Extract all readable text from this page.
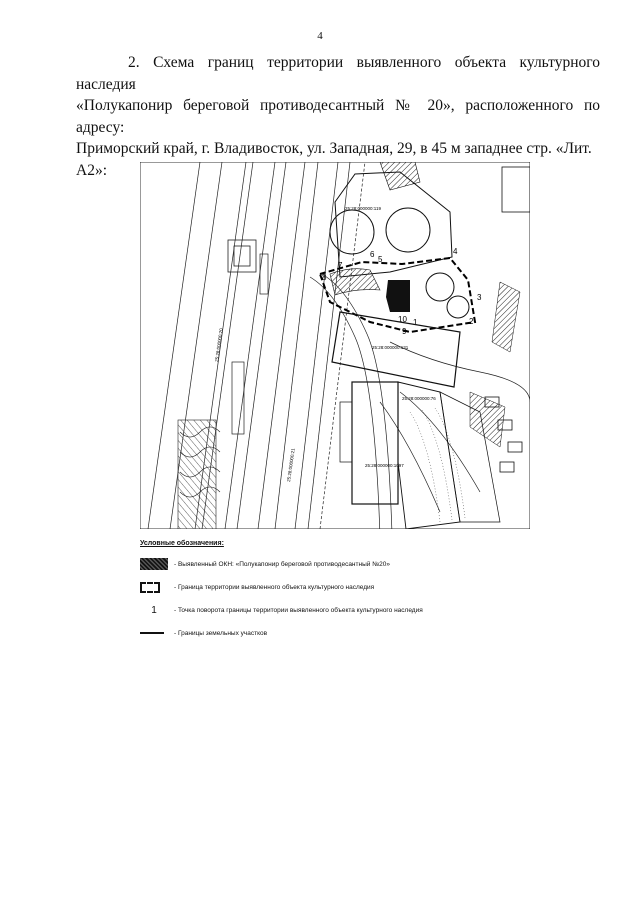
4

2. Схема границ территории выявленного объекта культурного наследия

«Полукапонир береговой противодесантный № 20», расположенного по адресу:

Приморский край, г. Владивосток, ул. Западная, 29, в 45 м западнее стр. «Лит.

А2»:

1	2
3
4
5
6
7
8
9
10
25:28:000000:119
25:28:000000:20
25:28:000000:21
25:28:000000:131
25:28:000000:76
25:28:000000:1097
Условные обозначения:
- Выявленный ОКН: «Полукапонир береговой противодесантный №20»
- Граница территории выявленного объекта культурного наследия
1	- Точка поворота границы территории выявленного объекта культурного наследия
- Границы земельных участков
